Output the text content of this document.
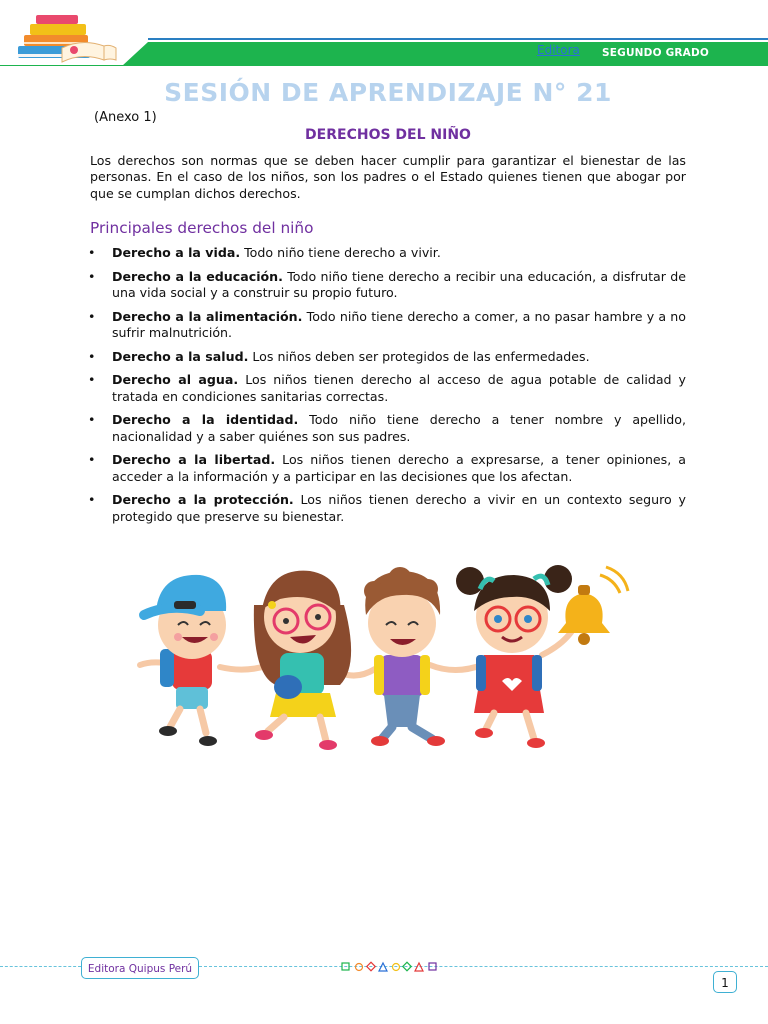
Editora SEGUNDO GRADO
SESIÓN DE APRENDIZAJE N° 21
(Anexo 1)
DERECHOS DEL NIÑO

Los derechos son normas que se deben hacer cumplir para garantizar el bienestar de las personas. En el caso de los niños, son los padres o el Estado quienes tienen que abogar por que se cumplan dichos derechos.

Principales derechos del niño
• Derecho a la vida. Todo niño tiene derecho a vivir.
• Derecho a la educación. Todo niño tiene derecho a recibir una educación, a disfrutar de una vida social y a construir su propio futuro.
• Derecho a la alimentación. Todo niño tiene derecho a comer, a no pasar hambre y a no sufrir malnutrición.
• Derecho a la salud. Los niños deben ser protegidos de las enfermedades.
• Derecho al agua. Los niños tienen derecho al acceso de agua potable de calidad y tratada en condiciones sanitarias correctas.
• Derecho a la identidad. Todo niño tiene derecho a tener nombre y apellido, nacionalidad y a saber quiénes son sus padres.
• Derecho a la libertad. Los niños tienen derecho a expresarse, a tener opiniones, a acceder a la información y a participar en las decisiones que los afectan.
• Derecho a la protección. Los niños tienen derecho a vivir en un contexto seguro y protegido que preserve su bienestar.
Editora Quipus Perú
1
